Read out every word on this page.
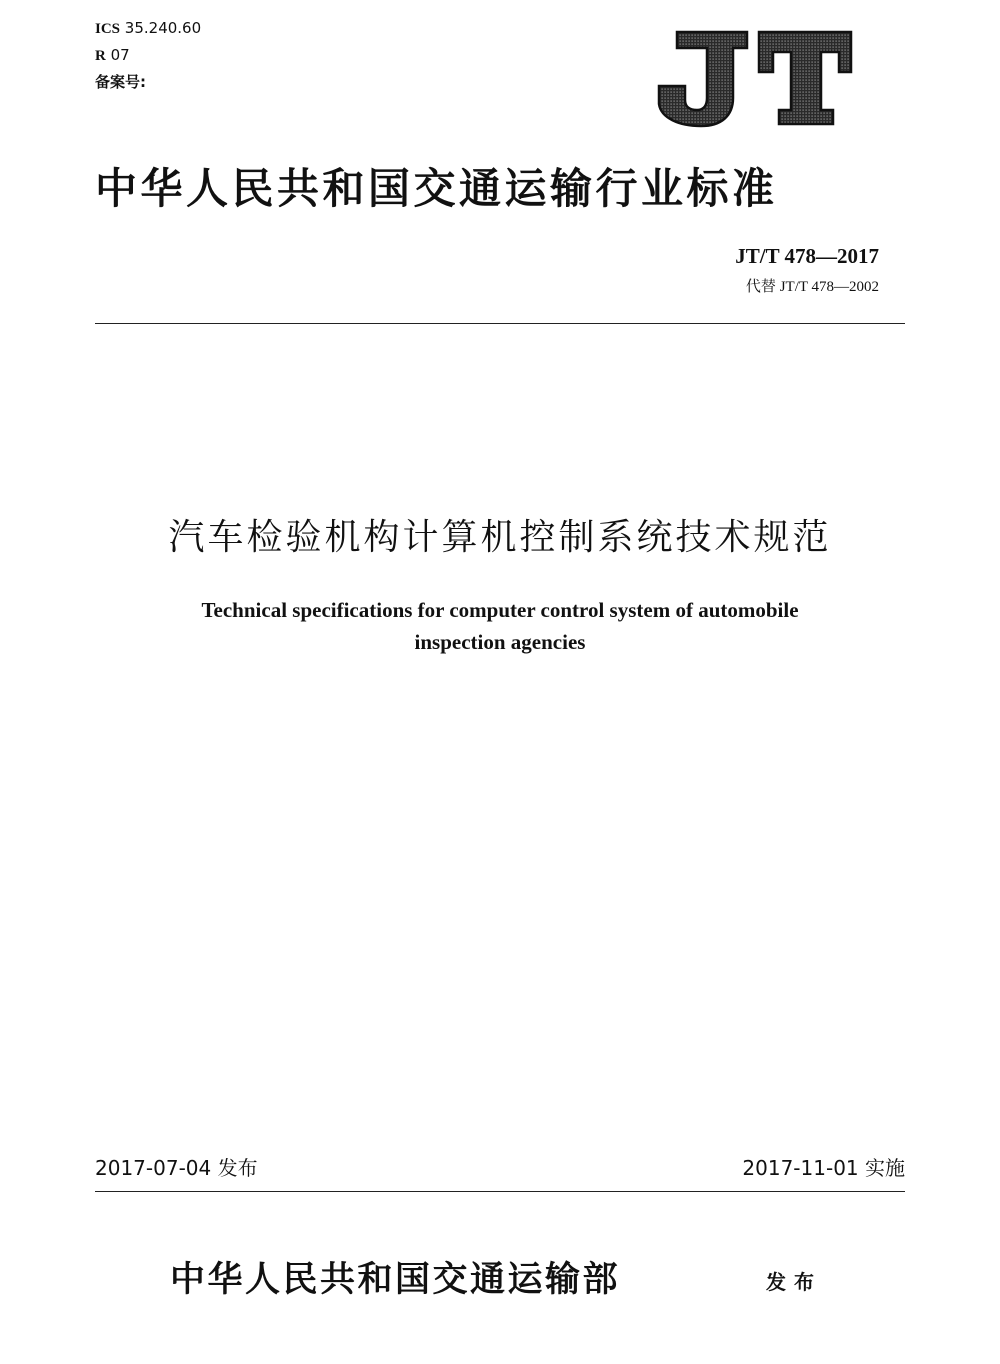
ICS 35.240.60
R 07
备案号:
JT
中华人民共和国交通运输行业标准
JT/T 478—2017
代替 JT/T 478—2002
汽车检验机构计算机控制系统技术规范
Technical specifications for computer control system of automobile
inspection agencies
2017-07-04 发布	2017-11-01 实施
中华人民共和国交通运输部	发布
